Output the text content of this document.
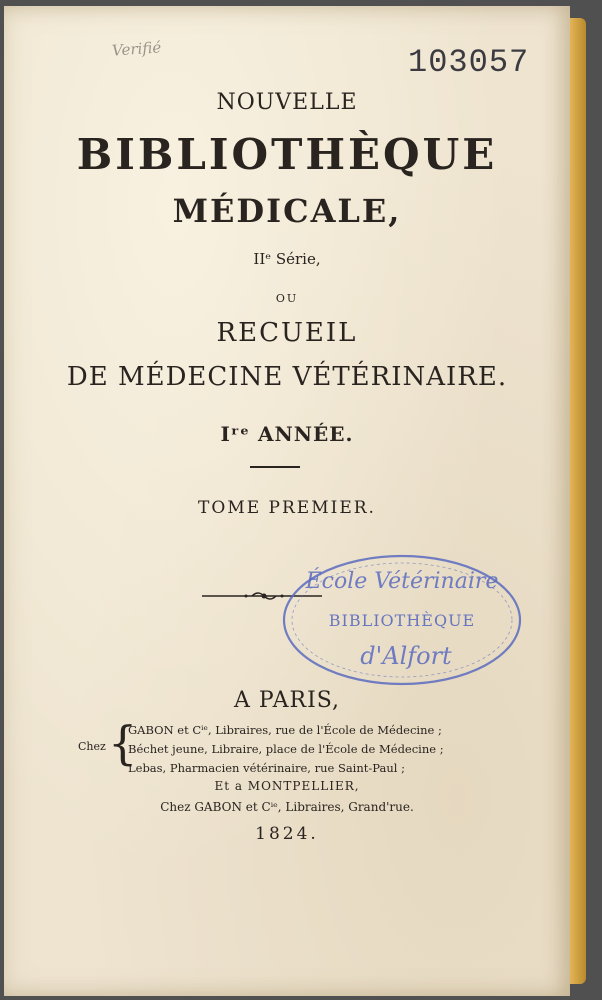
Verifié	103057
NOUVELLE
BIBLIOTHÈQUE
MÉDICALE,
IIᵉ Série,
OU
RECUEIL
DE MÉDECINE VÉTÉRINAIRE.
Iʳᵉ ANNÉE.
TOME PREMIER.
École Vétérinaire
BIBLIOTHÈQUE
d'Alfort
A PARIS,
Chez {
GABON et Cⁱᵉ, Libraires, rue de l'École de Médecine ;
Béchet jeune, Libraire, place de l'École de Médecine ;
Lebas, Pharmacien vétérinaire, rue Saint-Paul ;
Et a MONTPELLIER,
Chez GABON et Cⁱᵉ, Libraires, Grand'rue.
1824.
